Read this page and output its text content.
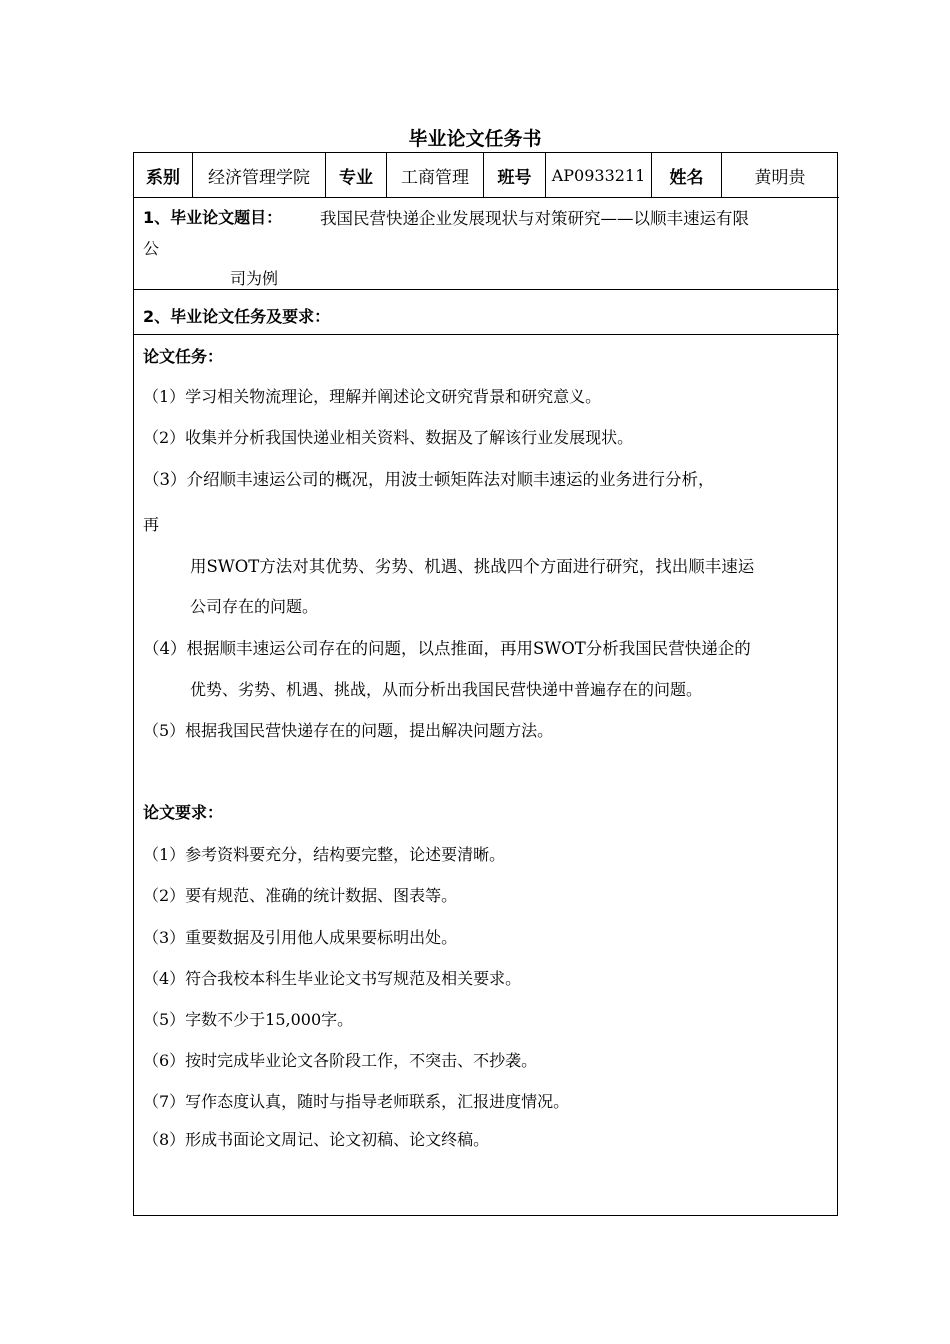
毕业论文任务书
系别	经济管理学院	专业	工商管理	班号	AP0933211	姓名	黄明贵
1、毕业论文题目： 我国民营快递企业发展现状与对策研究——以顺丰速运有限
公
司为例
2、毕业论文任务及要求：
论文任务：
（1）学习相关物流理论，理解并阐述论文研究背景和研究意义。
（2）收集并分析我国快递业相关资料、数据及了解该行业发展现状。
（3）介绍顺丰速运公司的概况，用波士顿矩阵法对顺丰速运的业务进行分析，
再
用SWOT方法对其优势、劣势、机遇、挑战四个方面进行研究，找出顺丰速运
公司存在的问题。
（4）根据顺丰速运公司存在的问题，以点推面，再用SWOT分析我国民营快递企的
优势、劣势、机遇、挑战，从而分析出我国民营快递中普遍存在的问题。
（5）根据我国民营快递存在的问题，提出解决问题方法。
论文要求：
（1）参考资料要充分，结构要完整，论述要清晰。
（2）要有规范、准确的统计数据、图表等。
（3）重要数据及引用他人成果要标明出处。
（4）符合我校本科生毕业论文书写规范及相关要求。
（5）字数不少于15,000字。
（6）按时完成毕业论文各阶段工作，不突击、不抄袭。
（7）写作态度认真，随时与指导老师联系，汇报进度情况。
（8）形成书面论文周记、论文初稿、论文终稿。
